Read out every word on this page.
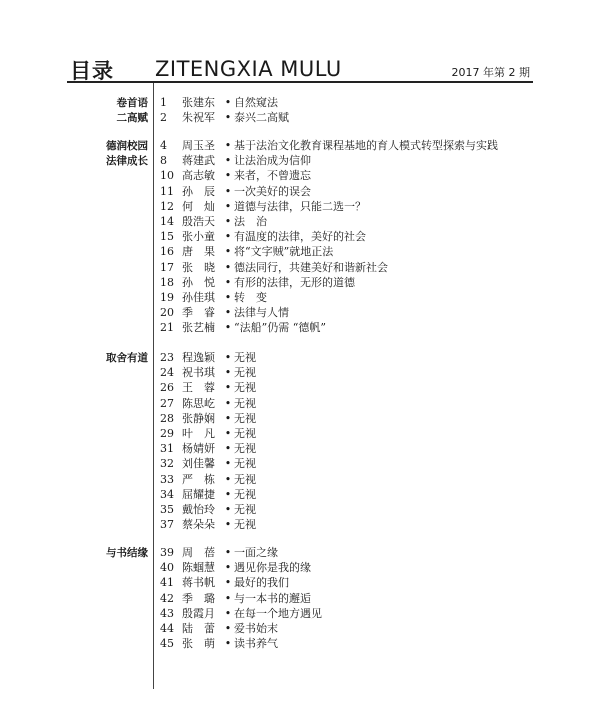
目录 ZITENGXIA MULU	2017 年第 2 期
卷首语
二高赋
德润校园
法律成长
取舍有道
与书结缘
1 张建东 • 自然窥法
2 朱祝军 • 泰兴二高赋
4 周玉圣 • 基于法治文化教育课程基地的育人模式转型探索与实践
8 蒋建武 • 让法治成为信仰
10 高志敏 • 来者，不曾遗忘
11 孙　辰 • 一次美好的误会
12 何　灿 • 道德与法律，只能二选一？
14 殷浩天 • 法　治
15 张小童 • 有温度的法律，美好的社会
16 唐　果 • 将“文字贼”就地正法
17 张　晓 • 德法同行，共建美好和谐新社会
18 孙　悦 • 有形的法律，无形的道德
19 孙佳琪 • 转　变
20 季　睿 • 法律与人情
21 张艺楠 • “法船”仍需 “德帆”
23 程逸颖 • 无视
24 祝书琪 • 无视
26 王　蓉 • 无视
27 陈思屹 • 无视
28 张静娴 • 无视
29 叶　凡 • 无视
31 杨婧妍 • 无视
32 刘佳馨 • 无视
33 严　栋 • 无视
34 屈耀捷 • 无视
35 戴怡玲 • 无视
37 蔡朵朵 • 无视
39 周　蓓 • 一面之缘
40 陈蝈慧 • 遇见你是我的缘
41 蒋书帆 • 最好的我们
42 季　璐 • 与一本书的邂逅
43 殷霞月 • 在每一个地方遇见
44 陆　蕾 • 爱书始末
45 张　萌 • 读书养气
